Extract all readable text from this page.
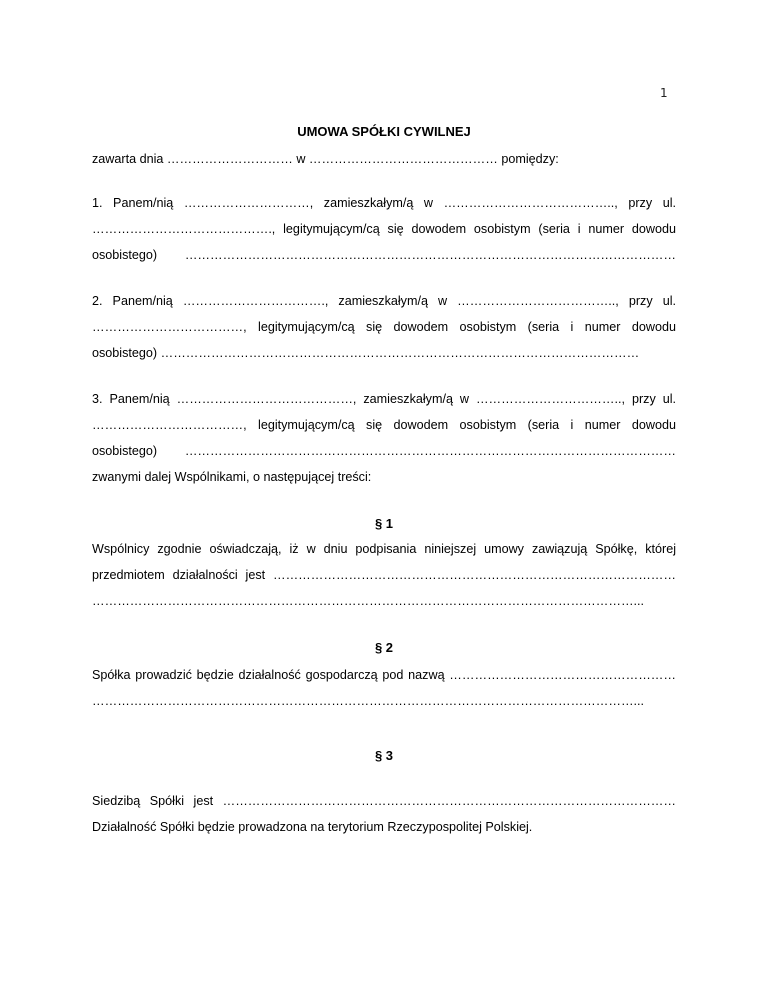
1
UMOWA SPÓŁKI CYWILNEJ
zawarta dnia ………………………… w ……………………………………… pomiędzy:
1. Panem/nią …………………………, zamieszkałym/ą w ………………………………….., przy ul.
……………………………………., legitymującym/cą się dowodem osobistym (seria i numer dowodu
osobistego) ………………………………………………………………………………………………………
2. Panem/nią ……………………………., zamieszkałym/ą w ……………………………….., przy ul.
………………………………, legitymującym/cą się dowodem osobistym (seria i numer dowodu
osobistego) ……………………………………………………………………………………………………
3. Panem/nią ……………………………………, zamieszkałym/ą w …………………………….., przy ul.
………………………………, legitymującym/cą się dowodem osobistym (seria i numer dowodu
osobistego) ………………………………………………………………………………………………………
zwanymi dalej Wspólnikami, o następującej treści:
§ 1
Wspólnicy zgodnie oświadczają, iż w dniu podpisania niniejszej umowy zawiązują Spółkę, której
przedmiotem działalności jest ……………………………………………………………………………………
…………………………………………………………………………………………………………………...
§ 2
Spółka prowadzić będzie działalność gospodarczą pod nazwą ………………………………………………
…………………………………………………………………………………………………………………...
§ 3
Siedzibą Spółki jest ………………………………………………………………………………………………
Działalność Spółki będzie prowadzona na terytorium Rzeczypospolitej Polskiej.
